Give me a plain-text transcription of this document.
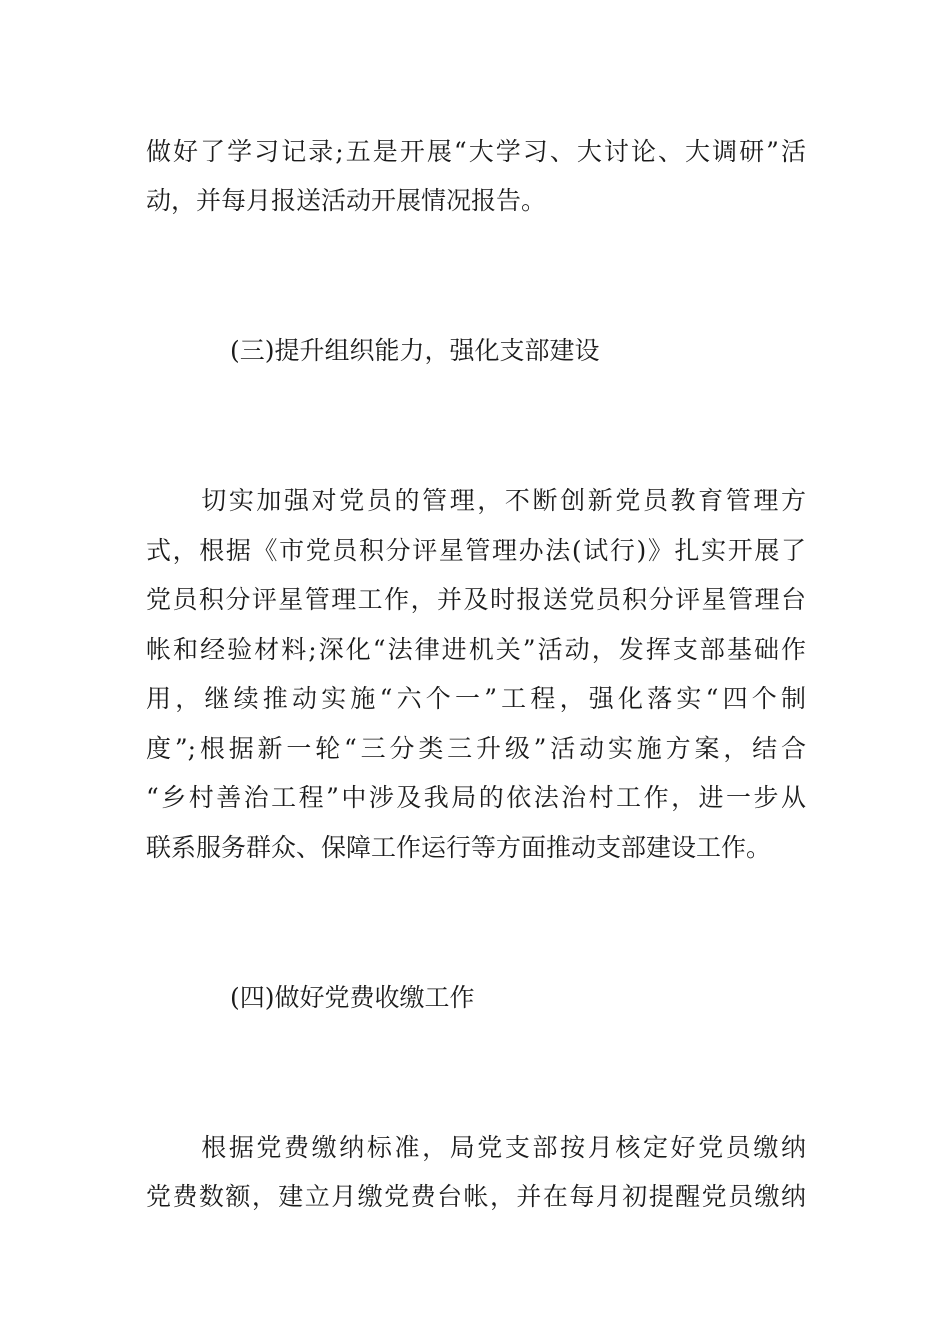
做好了学习记录;五是开展“大学习、大讨论、大调研”活
动，并每月报送活动开展情况报告。
(三)提升组织能力，强化支部建设
　　切实加强对党员的管理，不断创新党员教育管理方
式，根据《市党员积分评星管理办法(试行)》扎实开展了
党员积分评星管理工作，并及时报送党员积分评星管理台
帐和经验材料;深化“法律进机关”活动，发挥支部基础作
用，继续推动实施“六个一”工程，强化落实“四个制
度”;根据新一轮“三分类三升级”活动实施方案，结合
“乡村善治工程”中涉及我局的依法治村工作，进一步从
联系服务群众、保障工作运行等方面推动支部建设工作。
(四)做好党费收缴工作
　　根据党费缴纳标准，局党支部按月核定好党员缴纳
党费数额，建立月缴党费台帐，并在每月初提醒党员缴纳
